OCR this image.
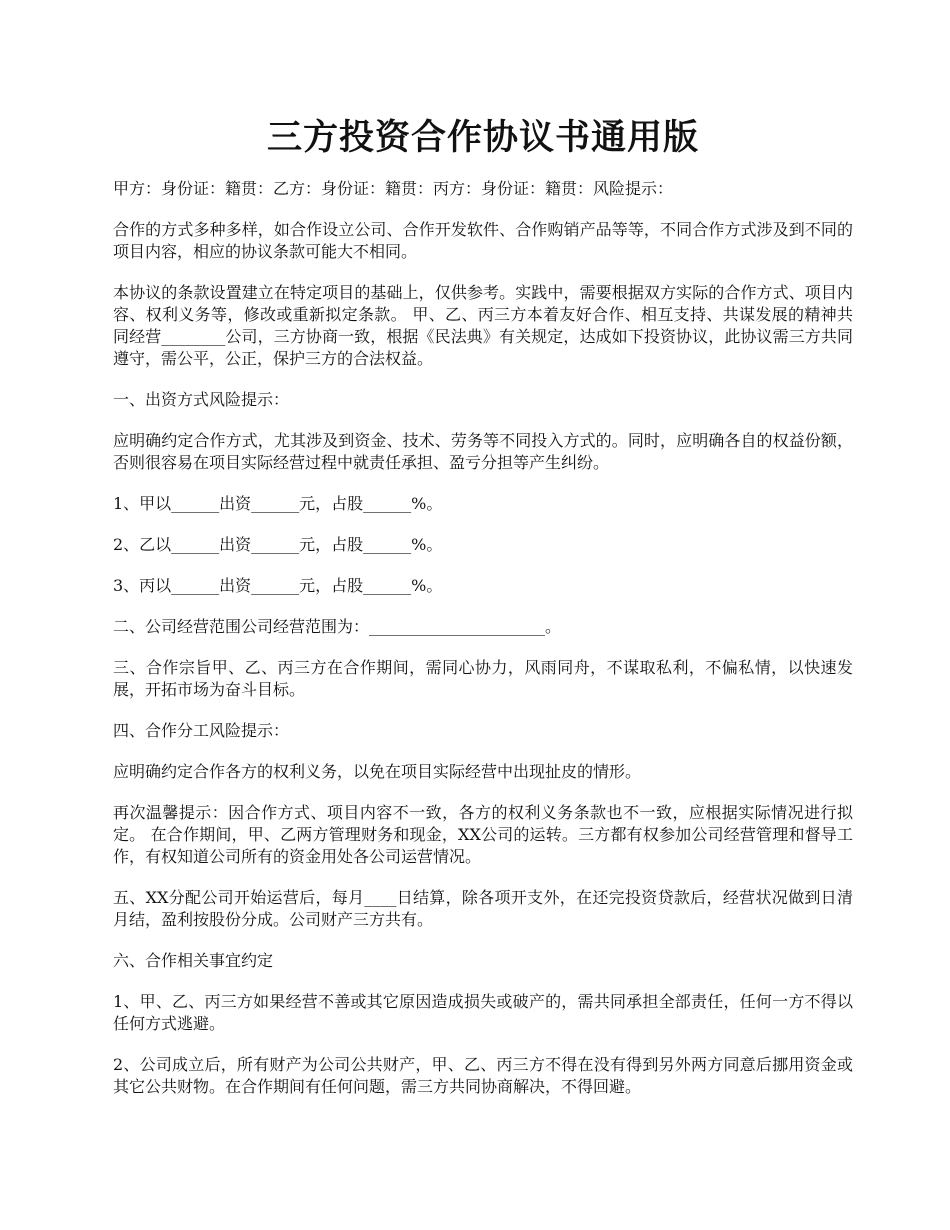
三方投资合作协议书通用版

甲方：身份证：籍贯：乙方：身份证：籍贯：丙方：身份证：籍贯：风险提示：

合作的方式多种多样，如合作设立公司、合作开发软件、合作购销产品等等，不同合作方式涉及到不同的项目内容，相应的协议条款可能大不相同。

本协议的条款设置建立在特定项目的基础上，仅供参考。实践中，需要根据双方实际的合作方式、项目内容、权利义务等，修改或重新拟定条款。 甲、乙、丙三方本着友好合作、相互支持、共谋发展的精神共同经营________公司，三方协商一致，根据《民法典》有关规定，达成如下投资协议，此协议需三方共同遵守，需公平，公正，保护三方的合法权益。

一、出资方式风险提示：

应明确约定合作方式，尤其涉及到资金、技术、劳务等不同投入方式的。同时，应明确各自的权益份额，否则很容易在项目实际经营过程中就责任承担、盈亏分担等产生纠纷。

1、甲以______出资______元，占股______%。

2、乙以______出资______元，占股______%。

3、丙以______出资______元，占股______%。

二、公司经营范围公司经营范围为：______________________。

三、合作宗旨甲、乙、丙三方在合作期间，需同心协力，风雨同舟，不谋取私利，不偏私情，以快速发展，开拓市场为奋斗目标。

四、合作分工风险提示：

应明确约定合作各方的权利义务，以免在项目实际经营中出现扯皮的情形。

再次温馨提示：因合作方式、项目内容不一致，各方的权利义务条款也不一致，应根据实际情况进行拟定。 在合作期间，甲、乙两方管理财务和现金，XX公司的运转。三方都有权参加公司经营管理和督导工作，有权知道公司所有的资金用处各公司运营情况。

五、XX分配公司开始运营后，每月____日结算，除各项开支外，在还完投资贷款后，经营状况做到日清月结，盈利按股份分成。公司财产三方共有。

六、合作相关事宜约定

1、甲、乙、丙三方如果经营不善或其它原因造成损失或破产的，需共同承担全部责任，任何一方不得以任何方式逃避。

2、公司成立后，所有财产为公司公共财产，甲、乙、丙三方不得在没有得到另外两方同意后挪用资金或其它公共财物。在合作期间有任何问题，需三方共同协商解决，不得回避。
